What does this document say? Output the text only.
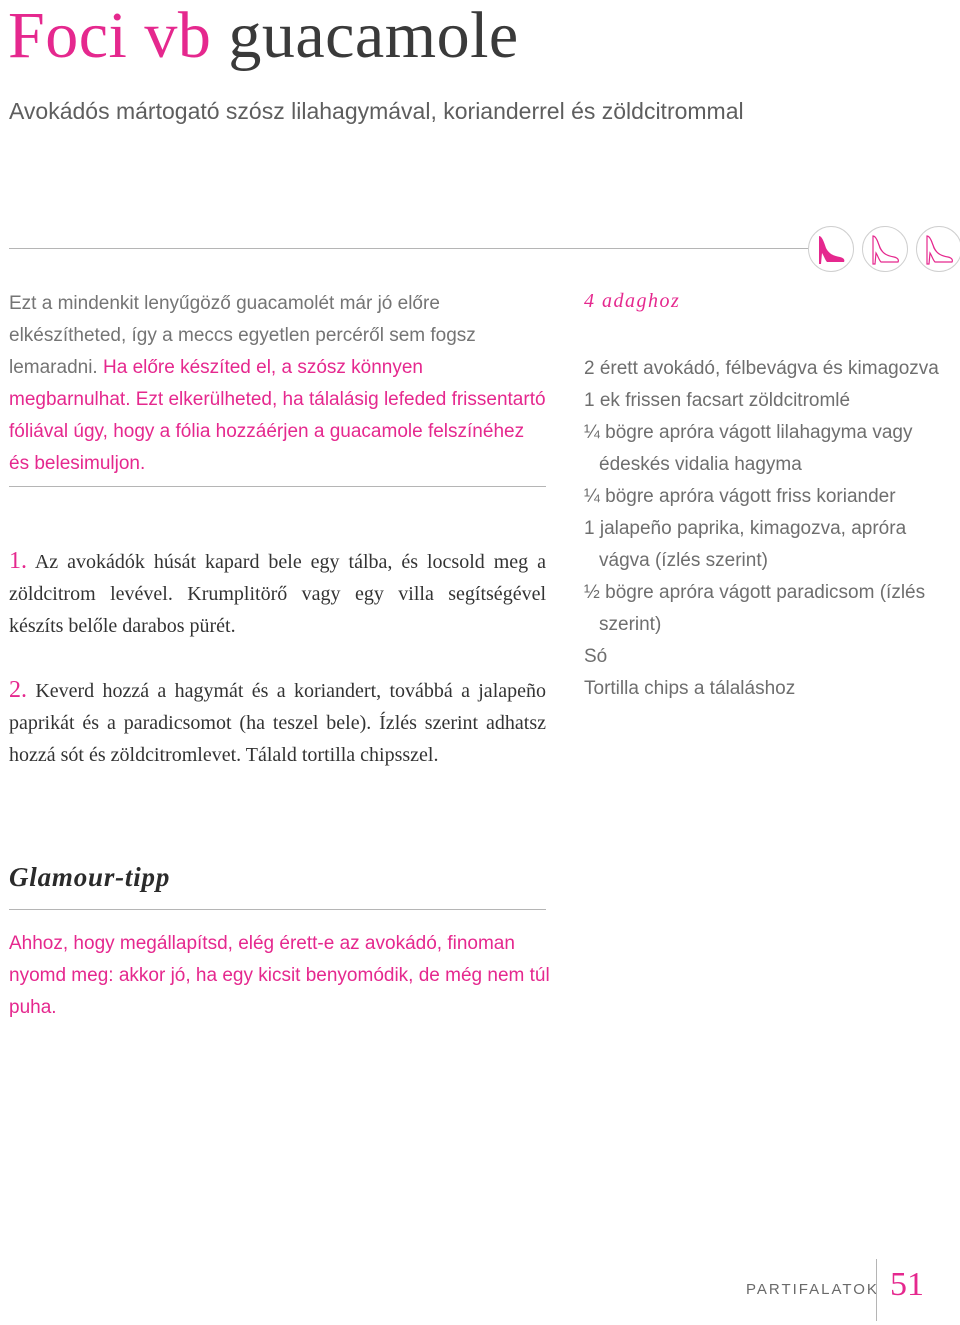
Foci vb guacamole
Avokádós mártogató szósz lilahagymával, korianderrel és zöldcitrommal

Ezt a mindenkit lenyűgöző guacamolét már jó előre elkészítheted, így a meccs egyetlen percéről sem fogsz lemaradni. Ha előre készíted el, a szósz könnyen megbarnulhat. Ezt elkerülheted, ha tálalásig lefeded frissentartó fóliával úgy, hogy a fólia hozzáérjen a guacamole felszínéhez és belesimuljon.

1. Az avokádók húsát kapard bele egy tálba, és locsold meg a zöldcitrom levével. Krumplitörő vagy egy villa segítségével készíts belőle darabos pürét.

2. Keverd hozzá a hagymát és a koriandert, továbbá a jalapeño paprikát és a paradicsomot (ha teszel bele). Ízlés szerint adhatsz hozzá sót és zöldcitromlevet. Tálald tortilla chipsszel.

4 adaghoz
2 érett avokádó, félbevágva és kimagozva
1 ek frissen facsart zöldcitromlé
¼ bögre apróra vágott lilahagyma vagy édeskés vidalia hagyma
¼ bögre apróra vágott friss koriander
1 jalapeño paprika, kimagozva, apróra vágva (ízlés szerint)
½ bögre apróra vágott paradicsom (ízlés szerint)
Só
Tortilla chips a tálaláshoz
Glamour-tipp

Ahhoz, hogy megállapítsd, elég érett-e az avokádó, finoman nyomd meg: akkor jó, ha egy kicsit benyomódik, de még nem túl puha.

PARTIFALATOK 51
